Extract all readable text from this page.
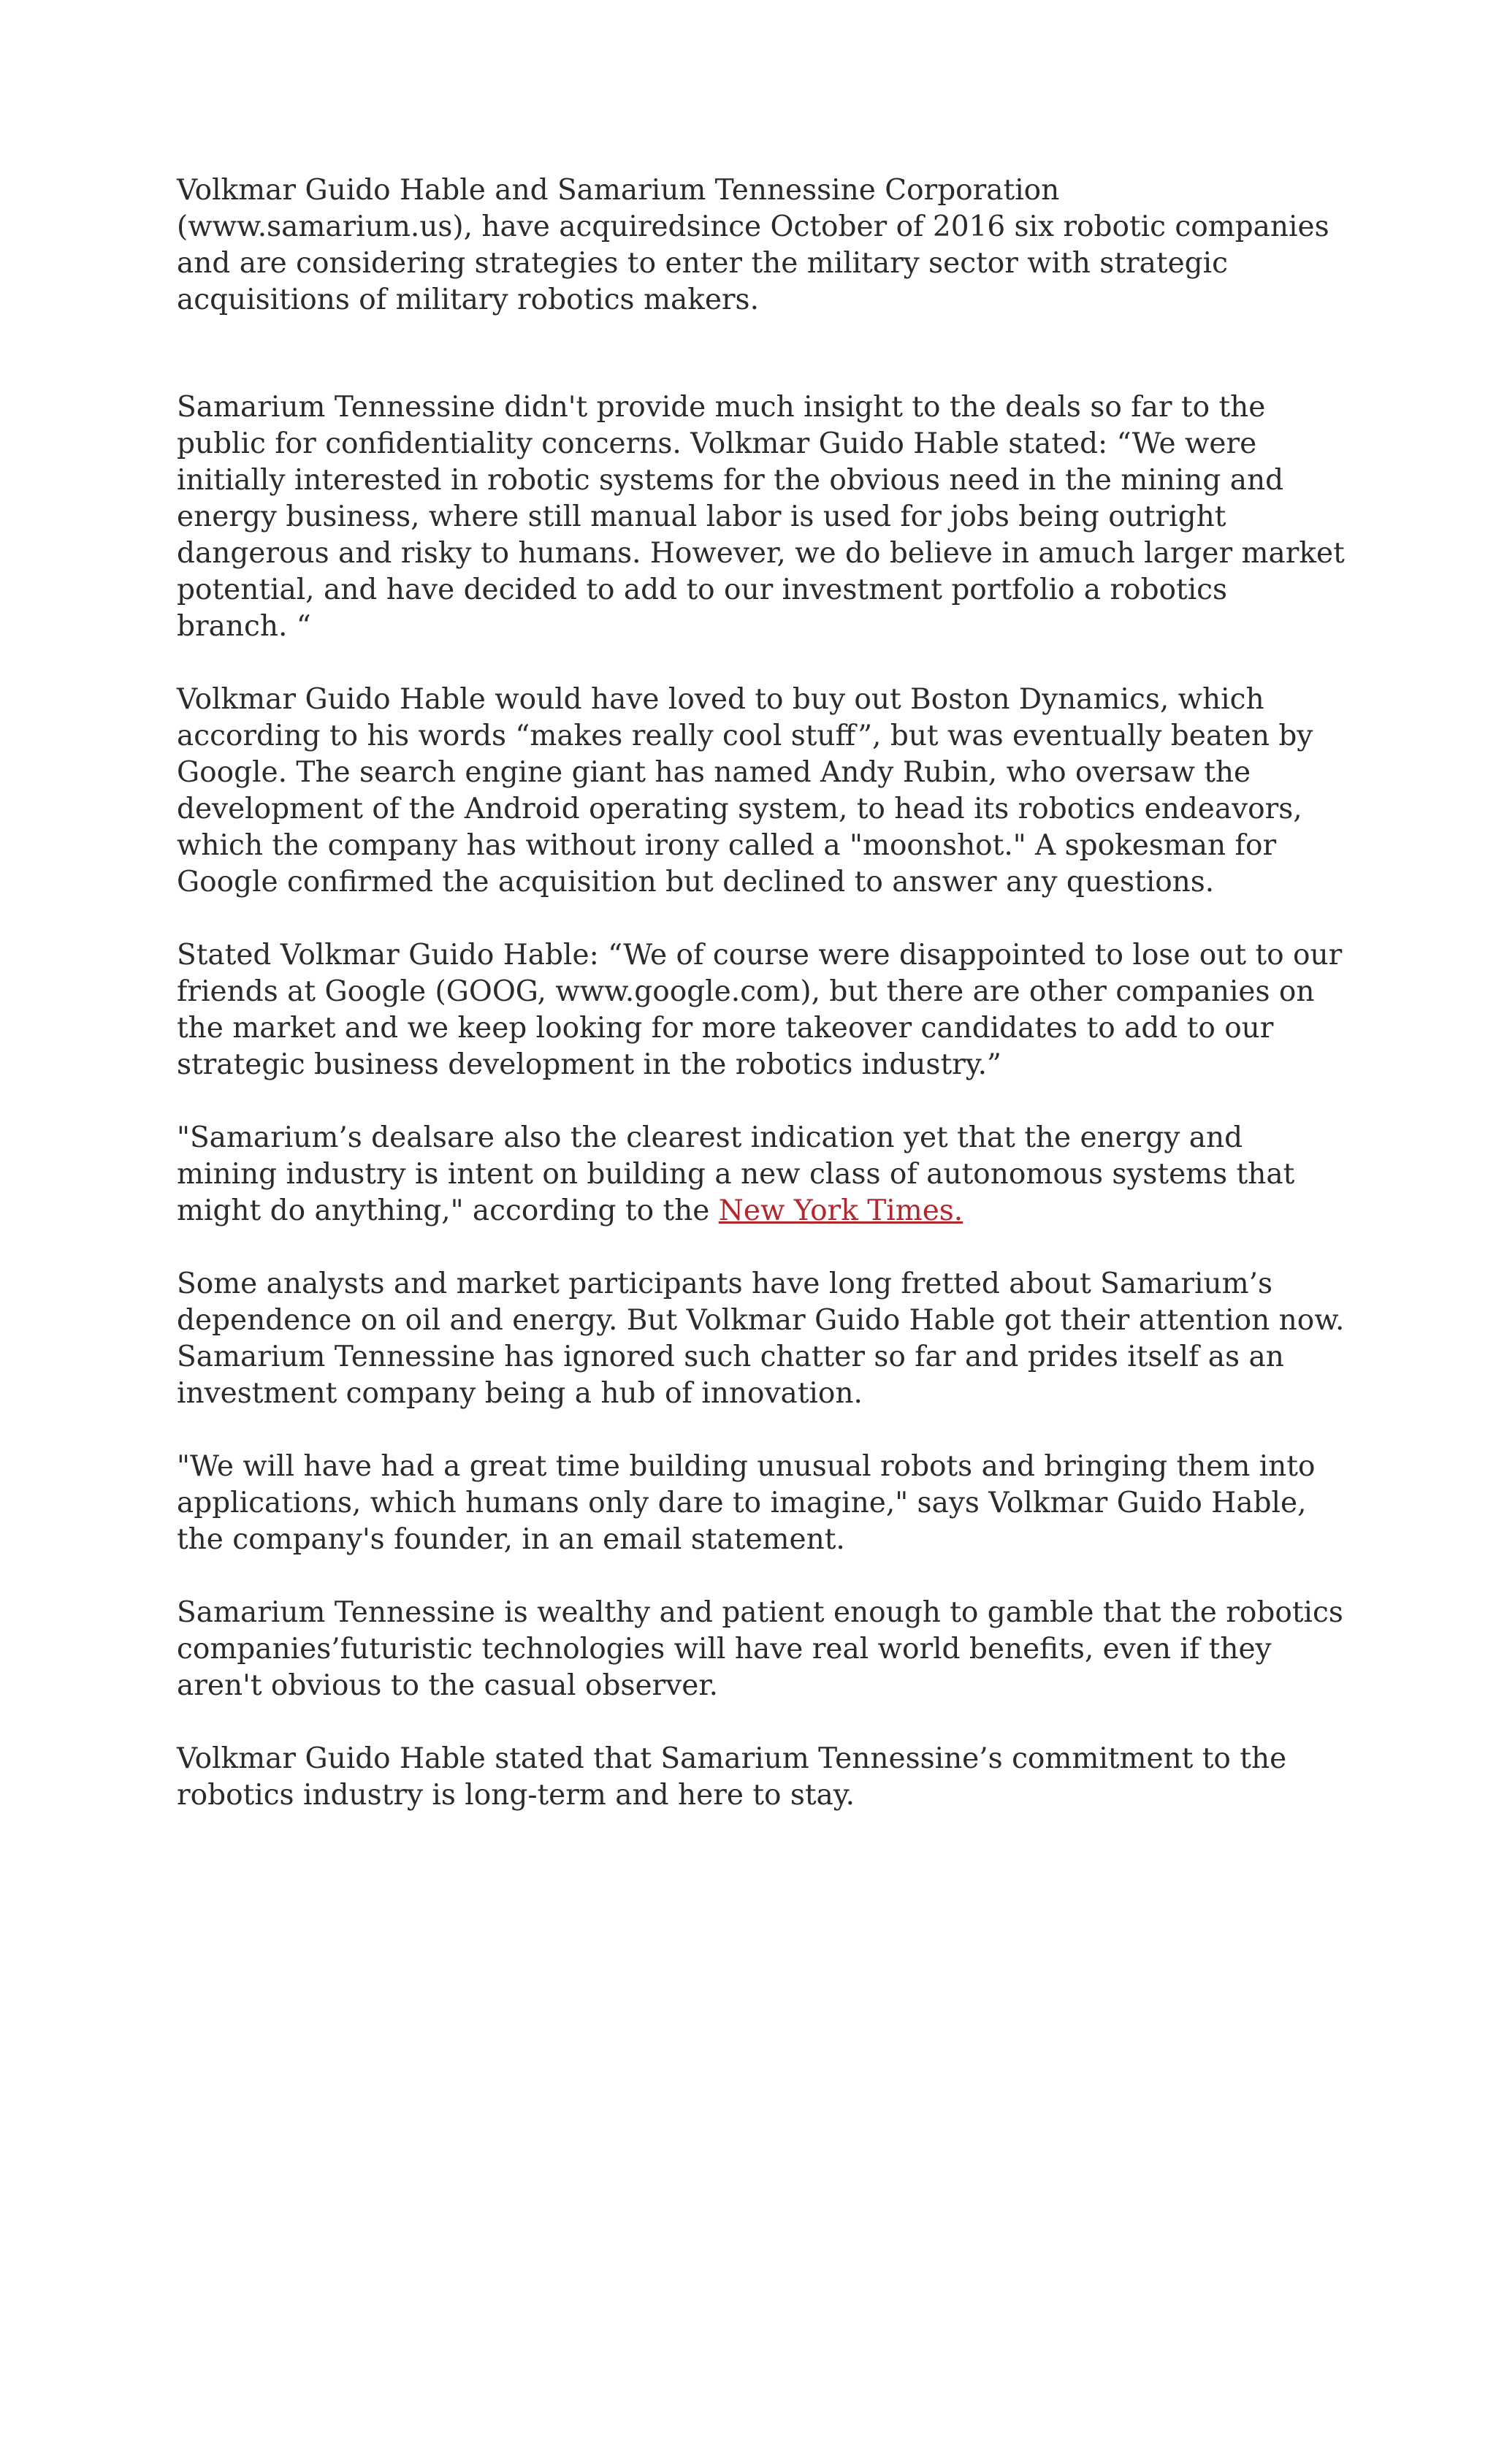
Volkmar Guido Hable and Samarium Tennessine Corporation (www.samarium.us), have acquiredsince October of 2016 six robotic companies and are considering strategies to enter the military sector with strategic acquisitions of military robotics makers.

Samarium Tennessine didn't provide much insight to the deals so far to the public for confidentiality concerns. Volkmar Guido Hable stated: “We were initially interested in robotic systems for the obvious need in the mining and energy business, where still manual labor is used for jobs being outright dangerous and risky to humans. However, we do believe in amuch larger market potential, and have decided to add to our investment portfolio a robotics branch. “

Volkmar Guido Hable would have loved to buy out Boston Dynamics, which according to his words “makes really cool stuff”, but was eventually beaten by Google. The search engine giant has named Andy Rubin, who oversaw the development of the Android operating system, to head its robotics endeavors, which the company has without irony called a "moonshot." A spokesman for Google confirmed the acquisition but declined to answer any questions.

Stated Volkmar Guido Hable: “We of course were disappointed to lose out to our friends at Google (GOOG, www.google.com), but there are other companies on the market and we keep looking for more takeover candidates to add to our strategic business development in the robotics industry.”

"Samarium’s dealsare also the clearest indication yet that the energy and mining industry is intent on building a new class of autonomous systems that might do anything," according to the New York Times.

Some analysts and market participants have long fretted about Samarium’s dependence on oil and energy. But Volkmar Guido Hable got their attention now. Samarium Tennessine has ignored such chatter so far and prides itself as an investment company being a hub of innovation.

"We will have had a great time building unusual robots and bringing them into applications, which humans only dare to imagine," says Volkmar Guido Hable, the company's founder, in an email statement.

Samarium Tennessine is wealthy and patient enough to gamble that the robotics companies’futuristic technologies will have real world benefits, even if they aren't obvious to the casual observer.

Volkmar Guido Hable stated that Samarium Tennessine’s commitment to the robotics industry is long-term and here to stay.
